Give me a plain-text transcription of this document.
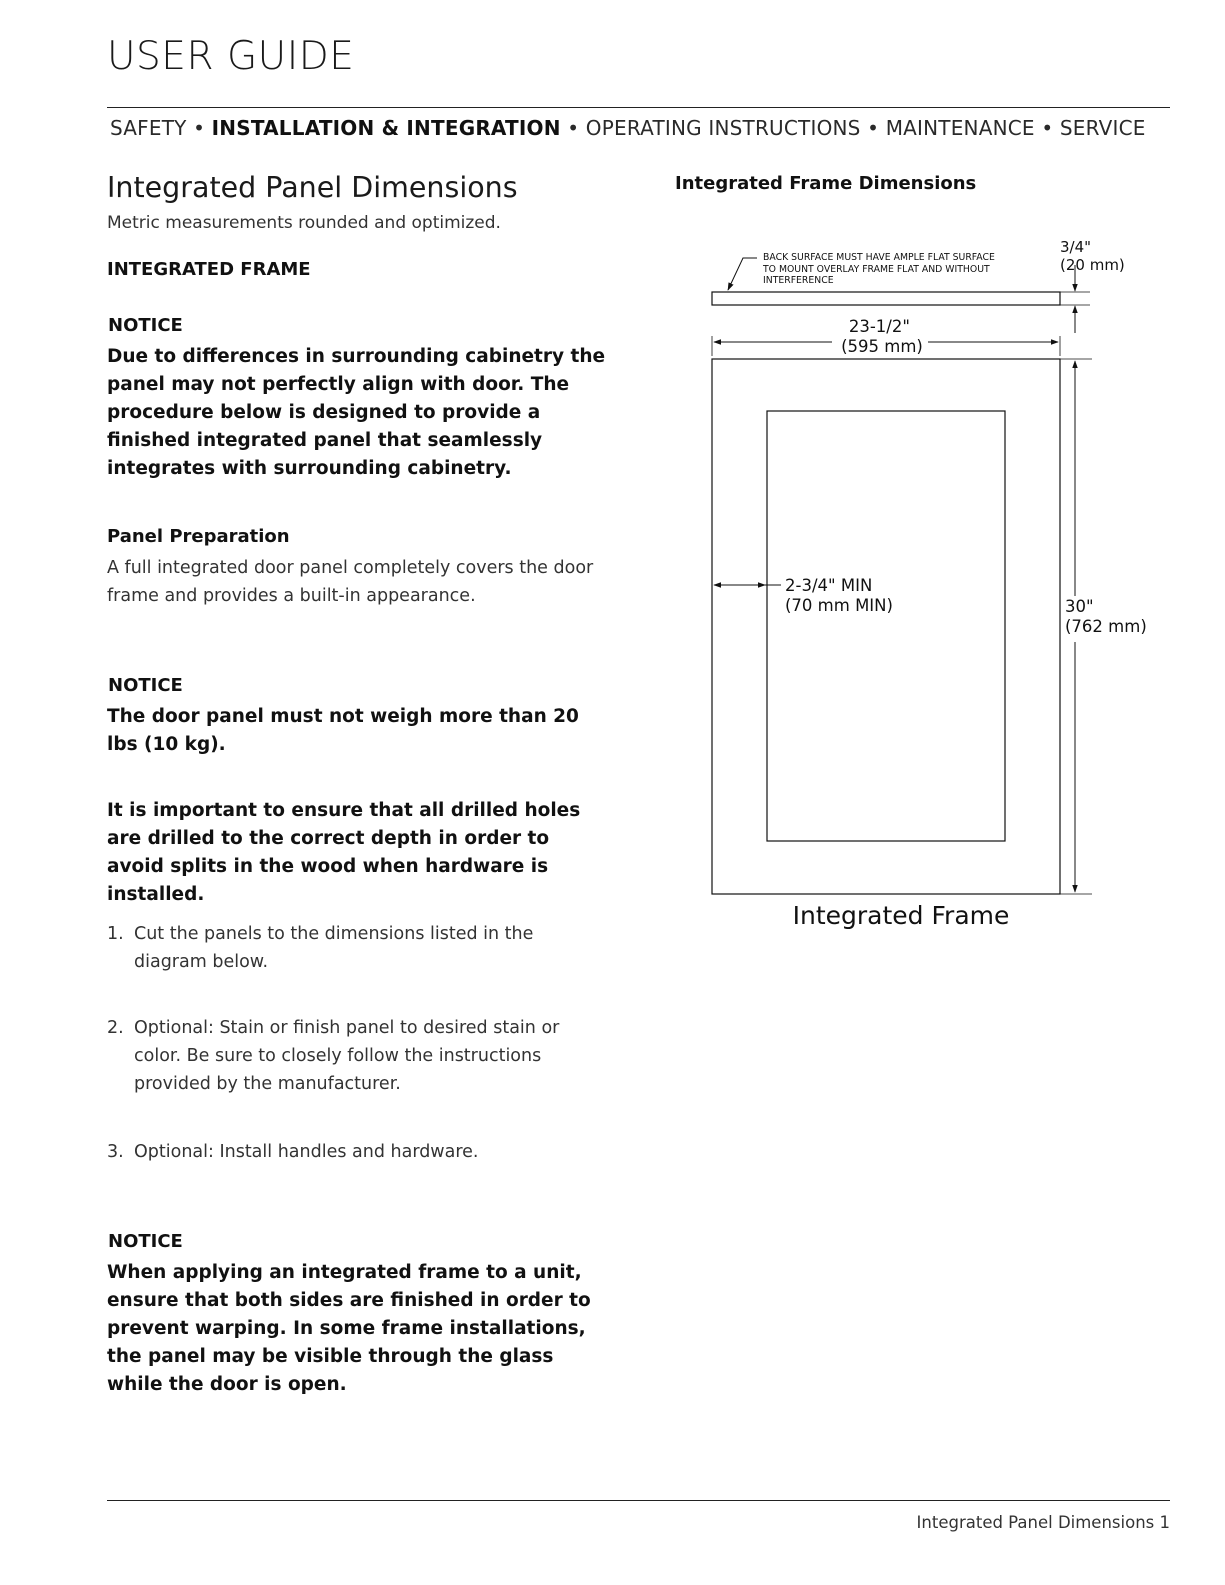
USER GUIDE
SAFETY • INSTALLATION & INTEGRATION • OPERATING INSTRUCTIONS • MAINTENANCE • SERVICE
Integrated Panel Dimensions
Metric measurements rounded and optimized.
INTEGRATED FRAME
NOTICE
Due to differences in surrounding cabinetry the panel may not perfectly align with door. The procedure below is designed to provide a finished integrated panel that seamlessly integrates with surrounding cabinetry.
Panel Preparation
A full integrated door panel completely covers the door frame and provides a built-in appearance.
NOTICE
The door panel must not weigh more than 20 lbs (10 kg).
It is important to ensure that all drilled holes are drilled to the correct depth in order to avoid splits in the wood when hardware is installed.
1. Cut the panels to the dimensions listed in the diagram below.
2. Optional: Stain or finish panel to desired stain or color. Be sure to closely follow the instructions provided by the manufacturer.
3. Optional: Install handles and hardware.
NOTICE
When applying an integrated frame to a unit, ensure that both sides are finished in order to prevent warping. In some frame installations, the panel may be visible through the glass while the door is open.
Integrated Frame Dimensions
BACK SURFACE MUST HAVE AMPLE FLAT SURFACE TO MOUNT OVERLAY FRAME FLAT AND WITHOUT INTERFERENCE
3/4" (20 mm)
23-1/2" (595 mm)
2-3/4" MIN (70 mm MIN)	30" (762 mm)
Integrated Frame
Integrated Panel Dimensions 1
